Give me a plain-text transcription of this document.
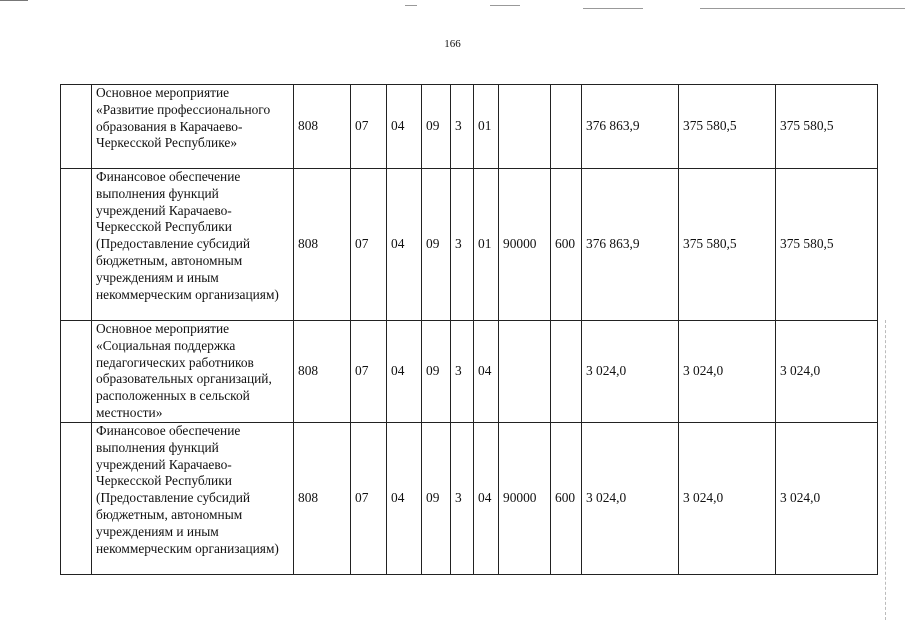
166
	Основное мероприятие «Развитие профессионального образования в Карачаево-Черкесской Республике»	808	07	04	09	3	01			376 863,9	375 580,5	375 580,5
	Финансовое обеспечение выполнения функций учреждений Карачаево-Черкесской Республики (Предоставление субсидий бюджетным, автономным учреждениям и иным некоммерческим организациям)	808	07	04	09	3	01	90000	600	376 863,9	375 580,5	375 580,5
	Основное мероприятие «Социальная поддержка педагогических работников образовательных организаций, расположенных в сельской местности»	808	07	04	09	3	04			3 024,0	3 024,0	3 024,0
	Финансовое обеспечение выполнения функций учреждений Карачаево-Черкесской Республики (Предоставление субсидий бюджетным, автономным учреждениям и иным некоммерческим организациям)	808	07	04	09	3	04	90000	600	3 024,0	3 024,0	3 024,0
